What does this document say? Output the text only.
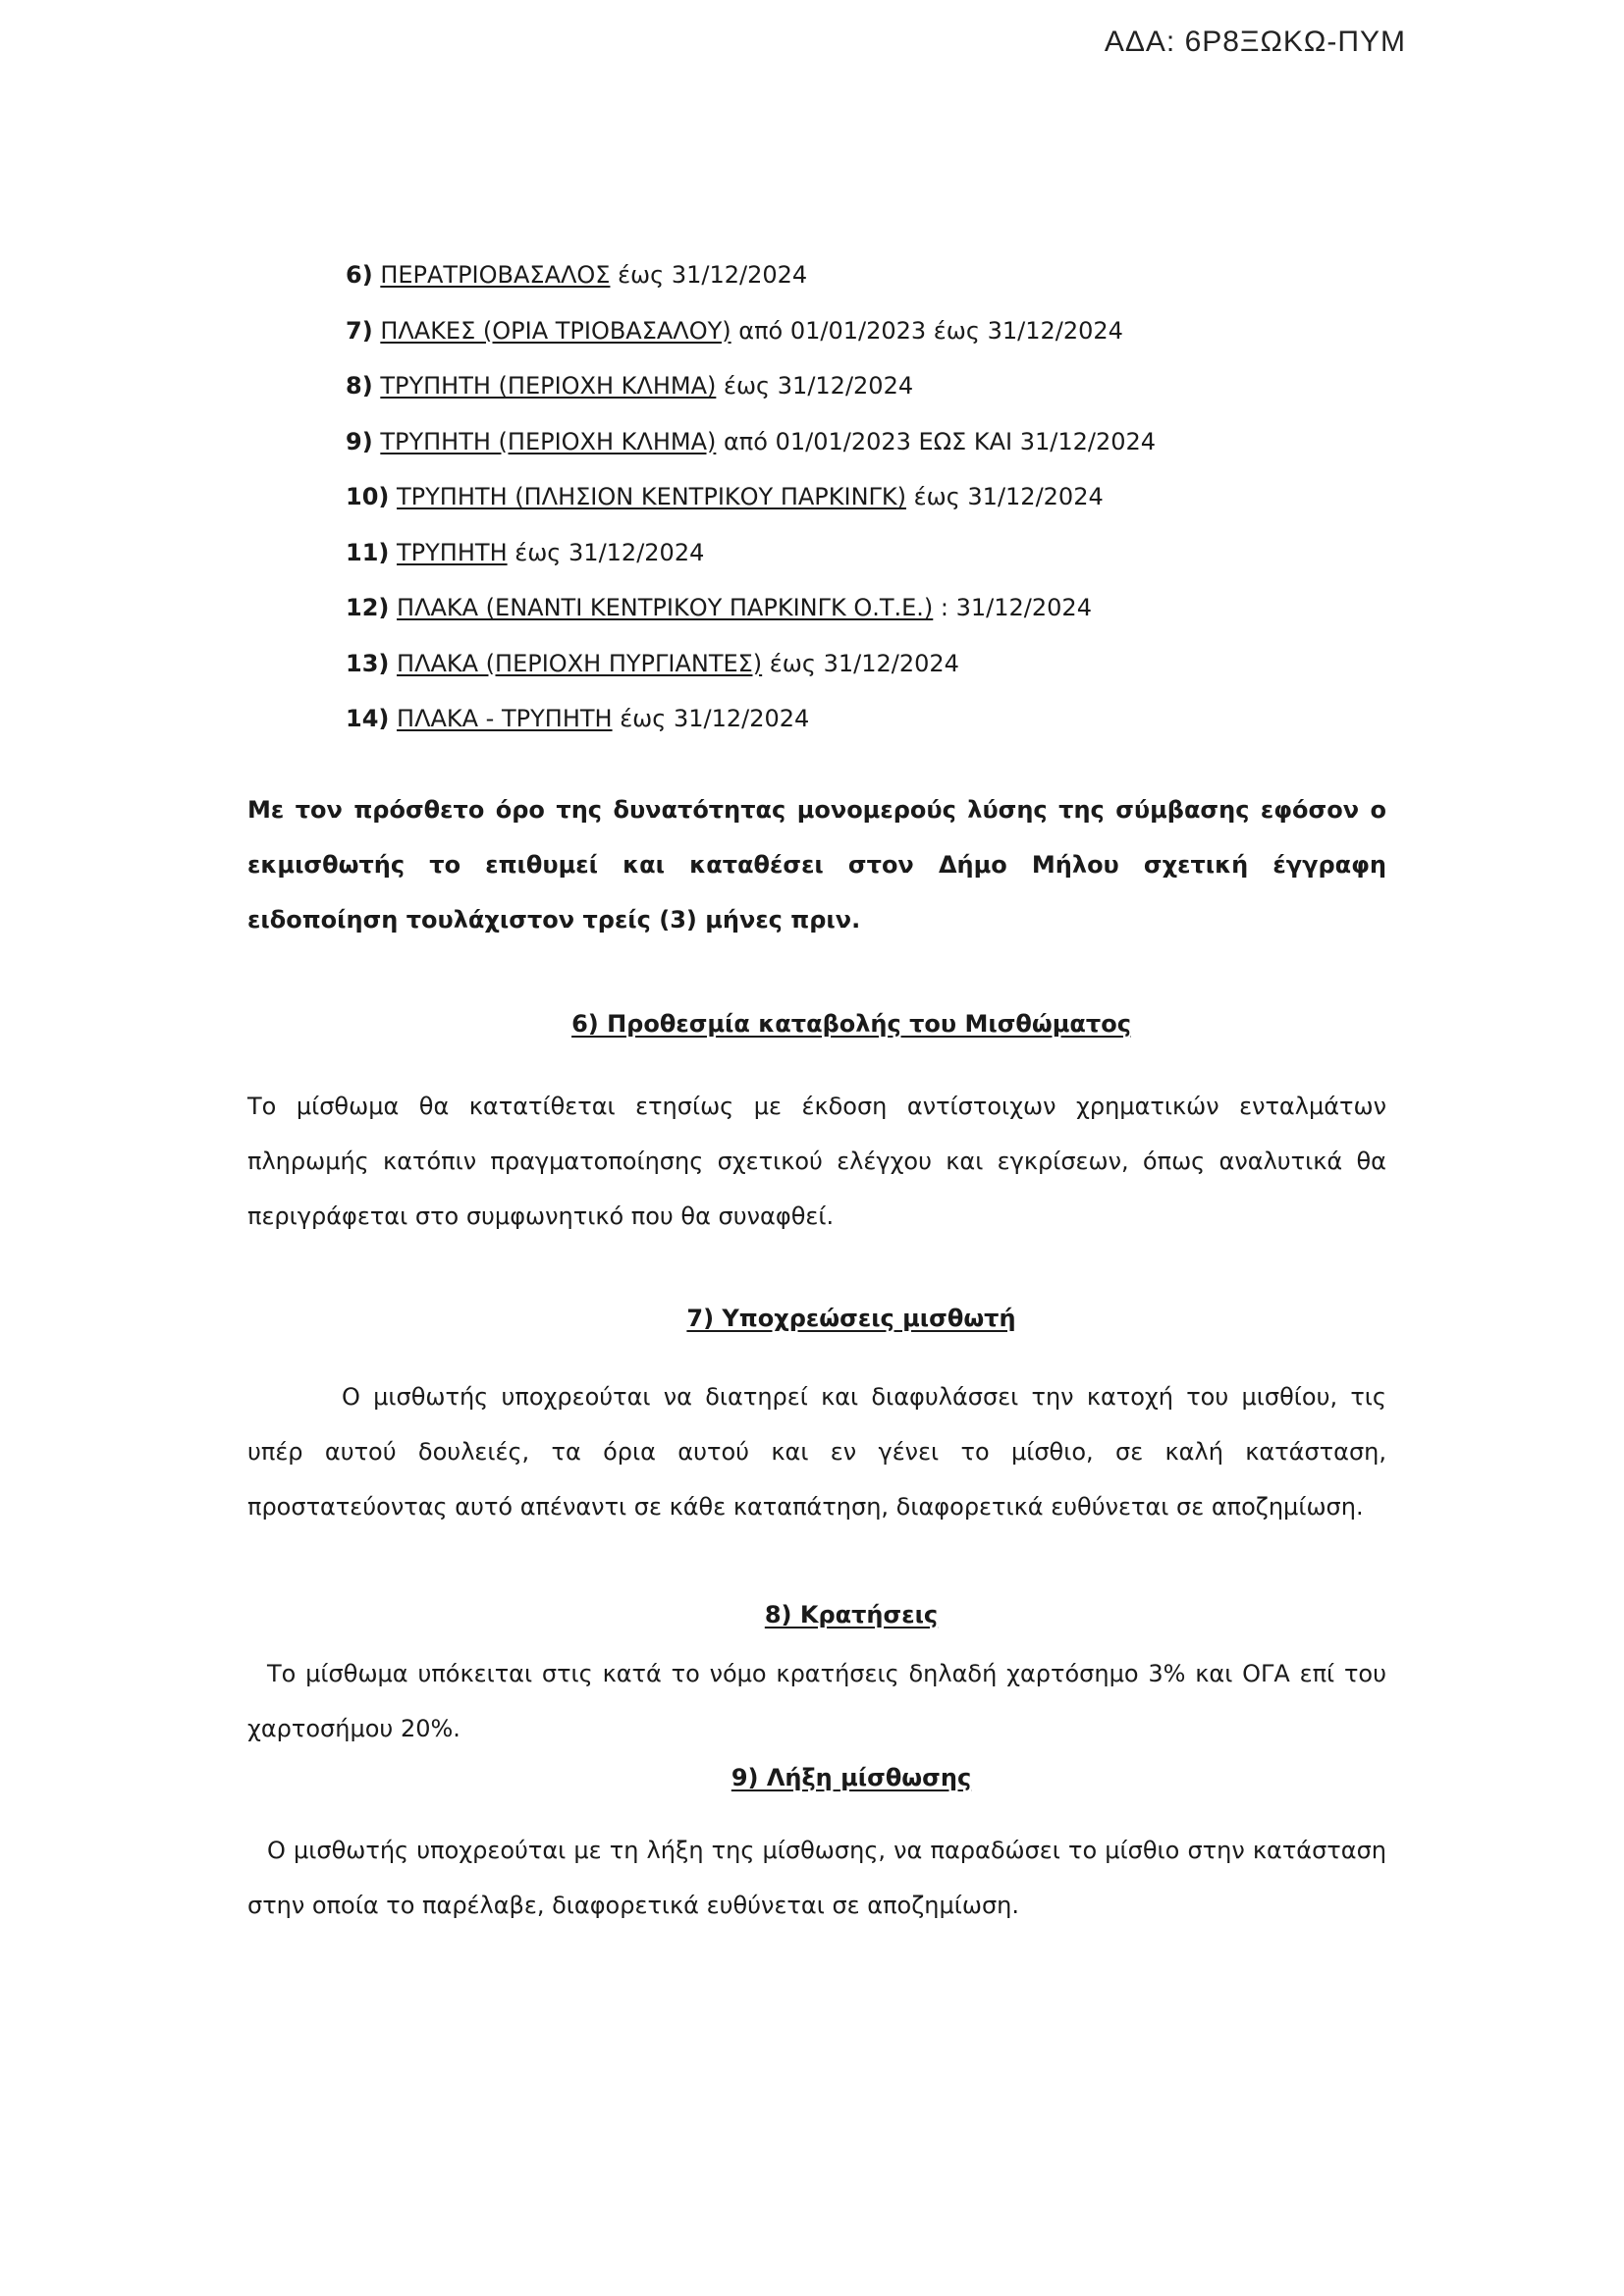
ΑΔΑ: 6Ρ8ΞΩΚΩ-ΠΥΜ
6) ΠΕΡΑΤΡΙΟΒΑΣΑΛΟΣ έως 31/12/2024
7) ΠΛΑΚΕΣ (ΟΡΙΑ ΤΡΙΟΒΑΣΑΛΟΥ) από 01/01/2023 έως 31/12/2024
8) ΤΡΥΠΗΤΗ (ΠΕΡΙΟΧΗ ΚΛΗΜΑ) έως 31/12/2024
9) ΤΡΥΠΗΤΗ (ΠΕΡΙΟΧΗ ΚΛΗΜΑ) από 01/01/2023 ΕΩΣ ΚΑΙ 31/12/2024
10) ΤΡΥΠΗΤΗ (ΠΛΗΣΙΟΝ ΚΕΝΤΡΙΚΟΥ ΠΑΡΚΙΝΓΚ) έως 31/12/2024
11) ΤΡΥΠΗΤΗ έως 31/12/2024
12) ΠΛΑΚΑ (ΕΝΑΝΤΙ ΚΕΝΤΡΙΚΟΥ ΠΑΡΚΙΝΓΚ Ο.Τ.Ε.) : 31/12/2024
13) ΠΛΑΚΑ (ΠΕΡΙΟΧΗ ΠΥΡΓΙΑΝΤΕΣ) έως 31/12/2024
14) ΠΛΑΚΑ - ΤΡΥΠΗΤΗ έως 31/12/2024

Με τον πρόσθετο όρο της δυνατότητας μονομερούς λύσης της σύμβασης εφόσον ο εκμισθωτής το επιθυμεί και καταθέσει στον Δήμο Μήλου σχετική έγγραφη ειδοποίηση τουλάχιστον τρείς (3) μήνες πριν.

6) Προθεσμία καταβολής του Μισθώματος

Το μίσθωμα θα κατατίθεται ετησίως με έκδοση αντίστοιχων χρηματικών ενταλμάτων πληρωμής κατόπιν πραγματοποίησης σχετικού ελέγχου και εγκρίσεων, όπως αναλυτικά θα περιγράφεται στο συμφωνητικό που θα συναφθεί.

7) Υποχρεώσεις μισθωτή

Ο μισθωτής υποχρεούται να διατηρεί και διαφυλάσσει την κατοχή του μισθίου, τις υπέρ αυτού δουλειές, τα όρια αυτού και εν γένει το μίσθιο, σε καλή κατάσταση, προστατεύοντας αυτό απέναντι σε κάθε καταπάτηση, διαφορετικά ευθύνεται σε αποζημίωση.

8) Κρατήσεις

Το μίσθωμα υπόκειται στις κατά το νόμο κρατήσεις δηλαδή χαρτόσημο 3% και ΟΓΑ επί του χαρτοσήμου 20%.

9) Λήξη μίσθωσης

Ο μισθωτής υποχρεούται με τη λήξη της μίσθωσης, να παραδώσει το μίσθιο στην κατάσταση στην οποία το παρέλαβε, διαφορετικά ευθύνεται σε αποζημίωση.
